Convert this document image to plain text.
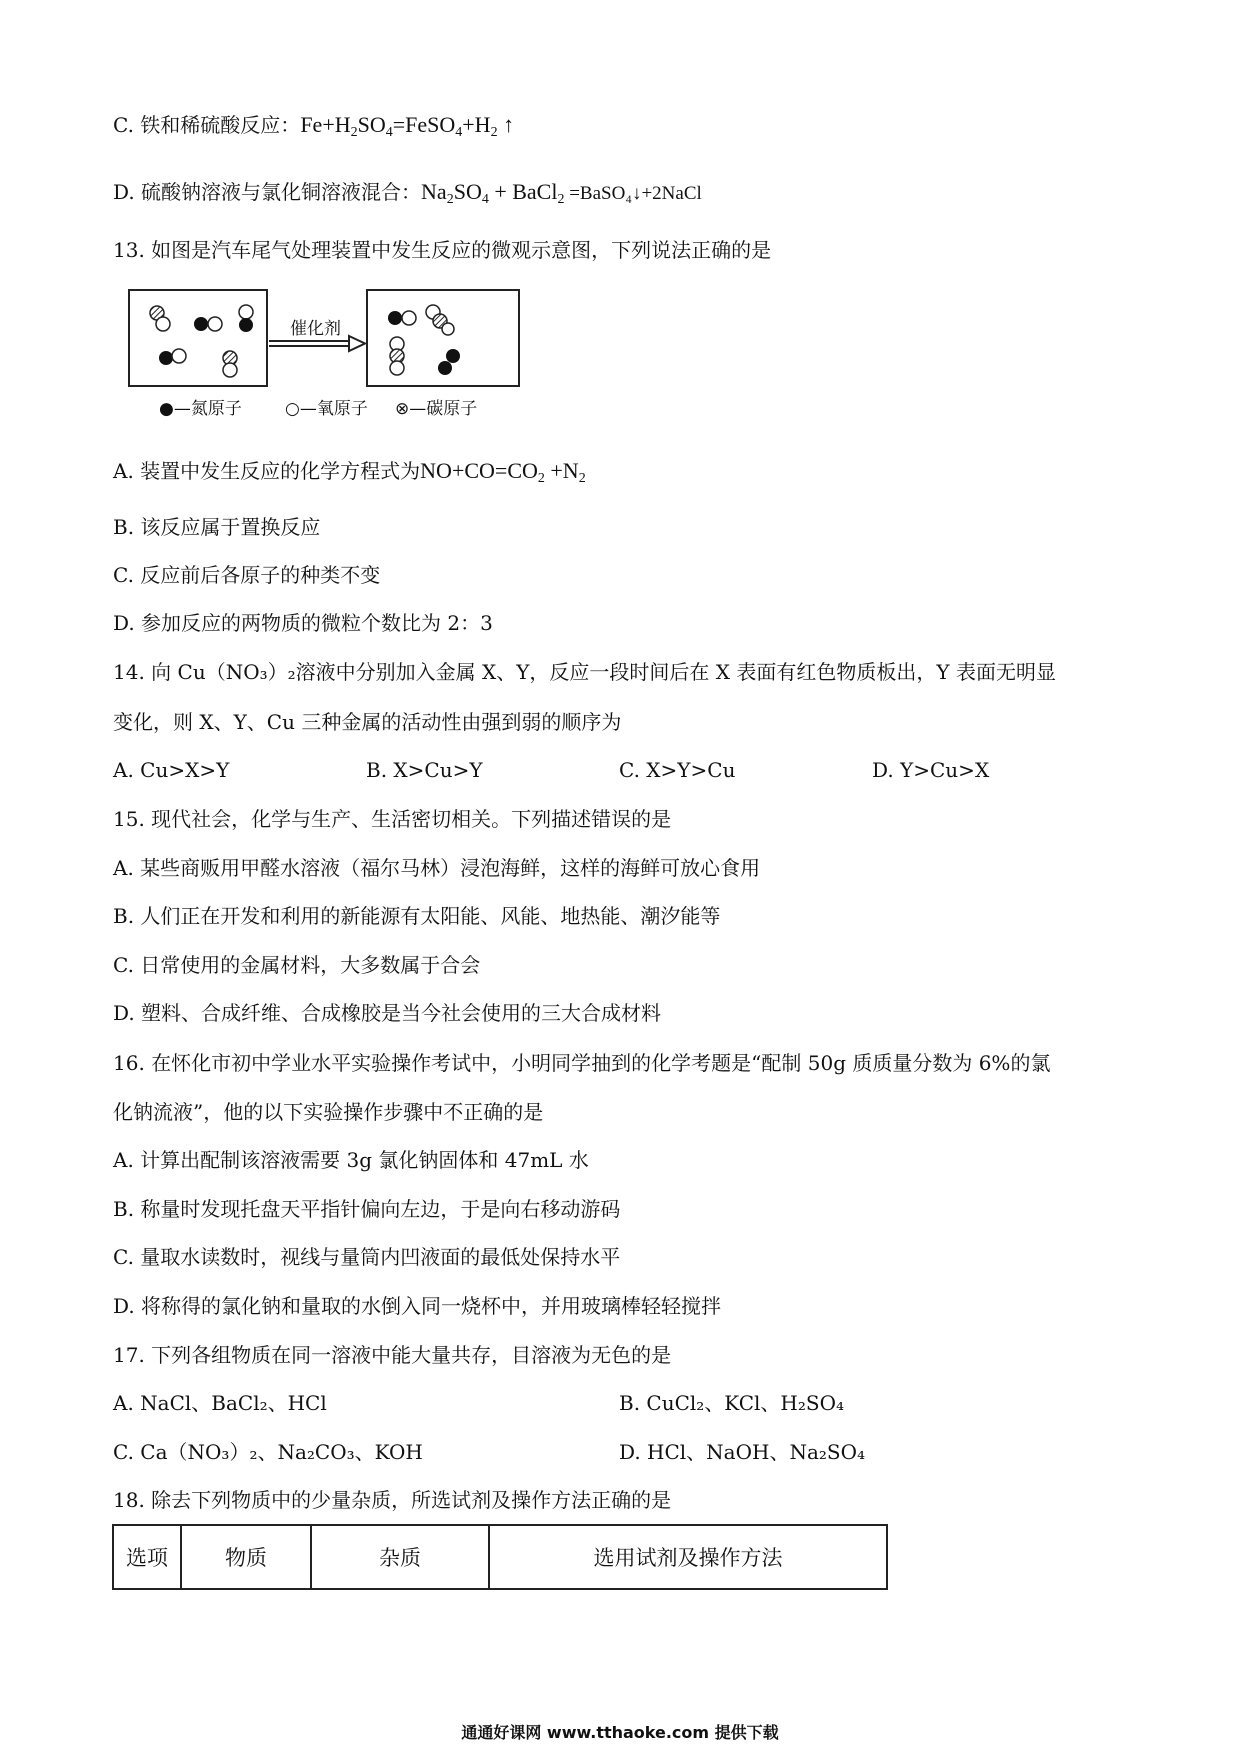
C. 铁和稀硫酸反应：$Fe+H_2SO_4=FeSO_4+H_2$ ↑
D. 硫酸钠溶液与氯化铜溶液混合：$Na_2SO_4$ + BaCl$_2$ =BaSO₄↓+2NaCl
13. 如图是汽车尾气处理装置中发生反应的微观示意图，下列说法正确的是
催化剂
●—氮原子	○—氧原子 ⊗—碳原子
A. 装置中发生反应的化学方程式为$NO+CO=CO_2 +N_2$
B. 该反应属于置换反应
C. 反应前后各原子的种类不变
D. 参加反应的两物质的微粒个数比为 2：3
14. 向 Cu（NO₃）₂溶液中分别加入金属 X、Y，反应一段时间后在 X 表面有红色物质板出，Y 表面无明显
变化，则 X、Y、Cu 三种金属的活动性由强到弱的顺序为
A. Cu>X>Y	B. X>Cu>Y	C. X>Y>Cu	D. Y>Cu>X
15. 现代社会，化学与生产、生活密切相关。下列描述错误的是
A. 某些商贩用甲醛水溶液（福尔马林）浸泡海鲜，这样的海鲜可放心食用
B. 人们正在开发和利用的新能源有太阳能、风能、地热能、潮汐能等
C. 日常使用的金属材料，大多数属于合会
D. 塑料、合成纤维、合成橡胶是当今社会使用的三大合成材料
16. 在怀化市初中学业水平实验操作考试中，小明同学抽到的化学考题是“配制 50g 质质量分数为 6%的氯
化钠流液”，他的以下实验操作步骤中不正确的是
A. 计算出配制该溶液需要 3g 氯化钠固体和 47mL 水
B. 称量时发现托盘天平指针偏向左边，于是向右移动游码
C. 量取水读数时，视线与量筒内凹液面的最低处保持水平
D. 将称得的氯化钠和量取的水倒入同一烧杯中，并用玻璃棒轻轻搅拌
17. 下列各组物质在同一溶液中能大量共存，目溶液为无色的是
A. NaCl、BaCl₂、HCl	B. CuCl₂、KCl、H₂SO₄
C. Ca（NO₃）₂、Na₂CO₃、KOH	D. HCl、NaOH、Na₂SO₄
18. 除去下列物质中的少量杂质，所选试剂及操作方法正确的是
选项	物质	杂质	选用试剂及操作方法
通通好课网 www.tthaoke.com 提供下载
